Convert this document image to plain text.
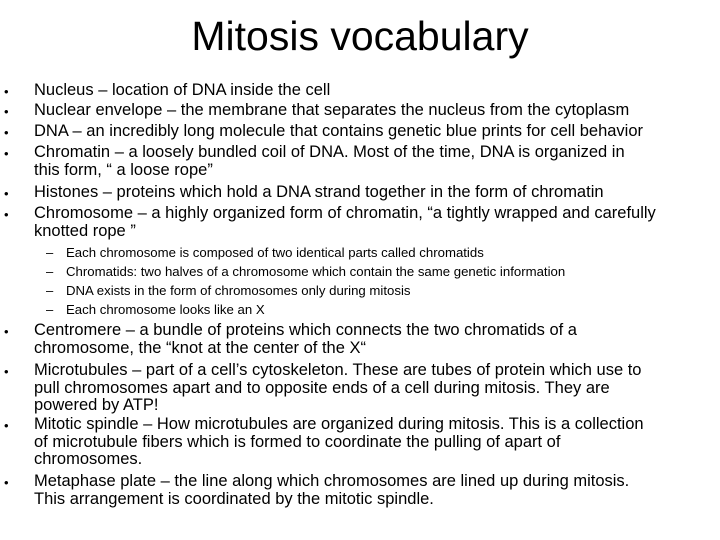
Mitosis vocabulary
• Nucleus – location of DNA inside the cell
• Nuclear envelope – the membrane that separates the nucleus from the cytoplasm
• DNA – an incredibly long molecule that contains genetic blue prints for cell behavior
• Chromatin – a loosely bundled coil of DNA. Most of the time, DNA is organized in
this form, “ a loose rope”
• Histones – proteins which hold a DNA strand together in the form of chromatin
• Chromosome – a highly organized form of chromatin, “a tightly wrapped and carefully
knotted rope ”
– Each chromosome is composed of two identical parts called chromatids
– Chromatids: two halves of a chromosome which contain the same genetic information
– DNA exists in the form of chromosomes only during mitosis
– Each chromosome looks like an X
• Centromere – a bundle of proteins which connects the two chromatids of a
chromosome, the “knot at the center of the X“
• Microtubules – part of a cell’s cytoskeleton. These are tubes of protein which use to
pull chromosomes apart and to opposite ends of a cell during mitosis. They are
powered by ATP!
• Mitotic spindle – How microtubules are organized during mitosis. This is a collection
of microtubule fibers which is formed to coordinate the pulling of apart of
chromosomes.
• Metaphase plate – the line along which chromosomes are lined up during mitosis.
This arrangement is coordinated by the mitotic spindle.
